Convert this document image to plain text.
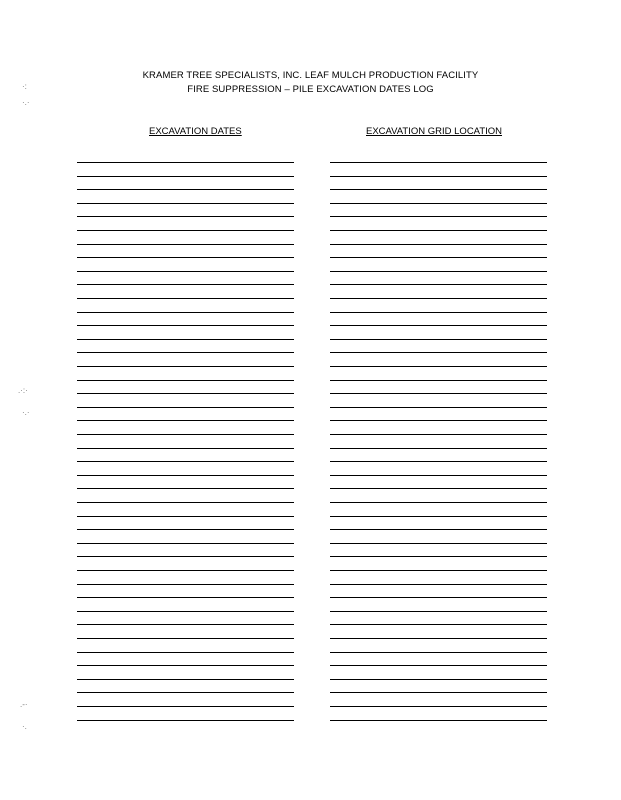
KRAMER TREE SPECIALISTS, INC. LEAF MULCH PRODUCTION FACILITY
FIRE SUPPRESSION – PILE EXCAVATION DATES LOG
EXCAVATION DATES	EXCAVATION GRID LOCATION
·:
·.·
.·:·
·.·
.-·
·.
